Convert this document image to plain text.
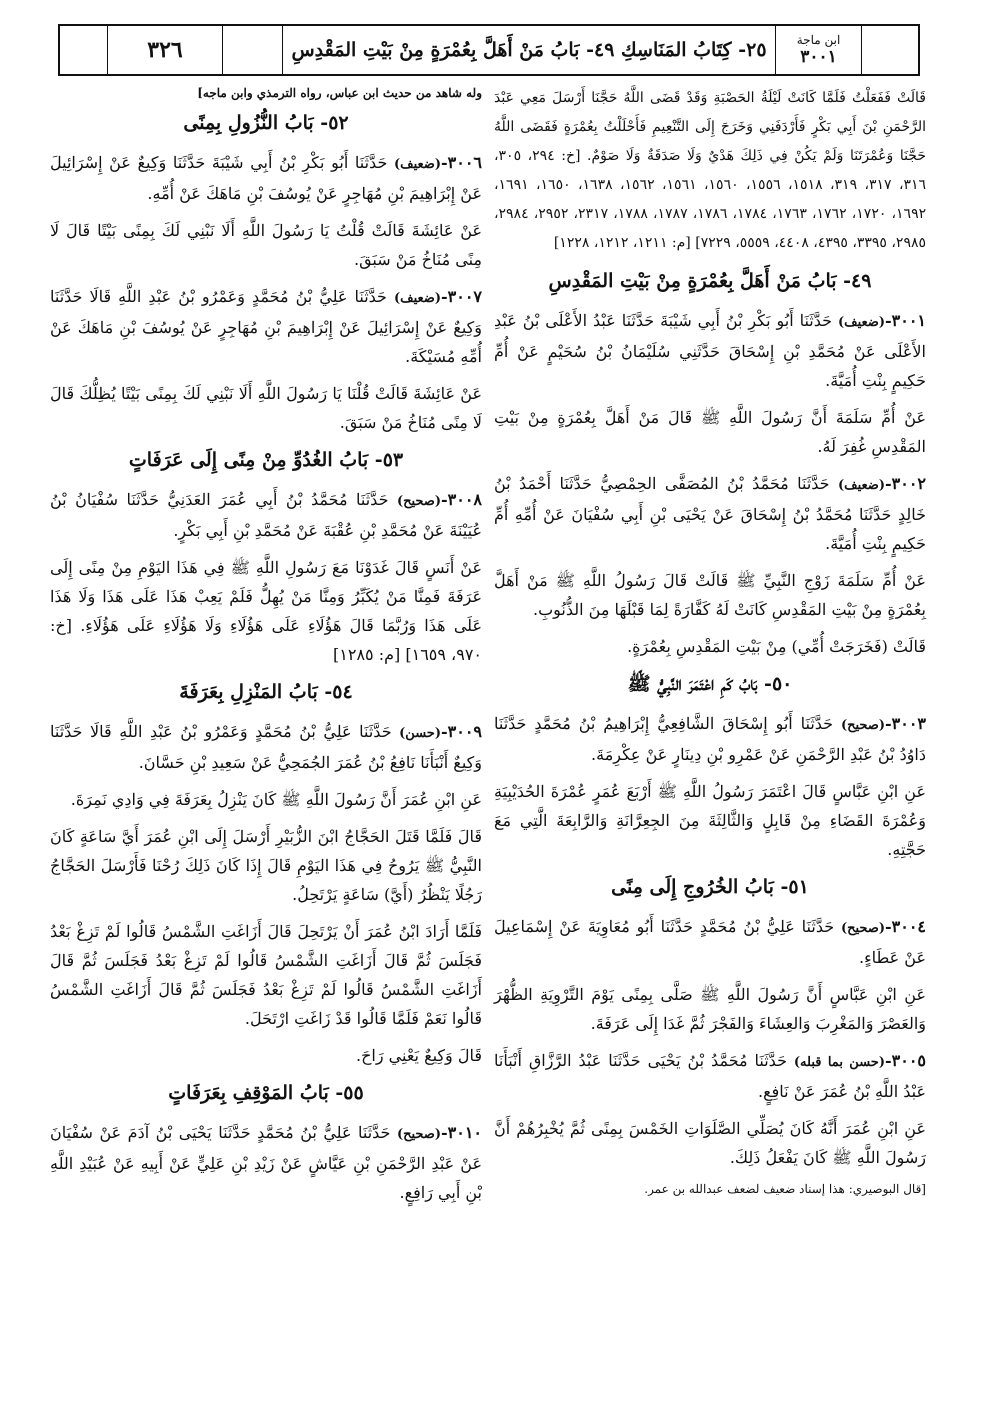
٣٢٦	٢٥- كِتَابُ المَنَاسِكِ ٤٩- بَابُ مَنْ أَهَلَّ بِعُمْرَةٍ مِنْ بَيْتِ المَقْدِسِ	ابن ماجة
٣٠٠١

قَالَتْ فَفَعَلْتُ فَلَمَّا كَانَتْ لَيْلَةُ الحَصْبَةِ وَقَدْ قَضَى اللَّهُ حَجَّنَا أَرْسَلَ مَعِي عَبْدَ الرَّحْمَنِ بْنَ أَبِي بَكْرٍ فَأَرْدَفَنِي وَخَرَجَ إِلَى التَّنْعِيمِ فَأَحْلَلْتُ بِعُمْرَةٍ فَقَضَى اللَّهُ حَجَّنَا وَعُمْرَتَنَا وَلَمْ يَكُنْ فِي ذَلِكَ هَدْيٌ وَلَا صَدَقَةٌ وَلَا صَوْمٌ. [خ: ٢٩٤، ٣٠٥، ٣١٦، ٣١٧، ٣١٩، ١٥١٨، ١٥٥٦، ١٥٦٠، ١٥٦١، ١٥٦٢، ١٦٣٨، ١٦٥٠، ١٦٩١، ١٦٩٢، ١٧٢٠، ١٧٦٢، ١٧٦٣، ١٧٨٤، ١٧٨٦، ١٧٨٧، ١٧٨٨، ٢٣١٧، ٢٩٥٢، ٢٩٨٤، ٢٩٨٥، ٣٣٩٥، ٤٣٩٥، ٤٤٠٨، ٥٥٥٩، ٧٢٢٩] [م: ١٢١١، ١٢١٢، ١٢٢٨]

٤٩- بَابُ مَنْ أَهَلَّ بِعُمْرَةٍ مِنْ بَيْتِ المَقْدِسِ

٣٠٠١-(ضعيف) حَدَّثَنَا أَبُو بَكْرِ بْنُ أَبِي شَيْبَةَ حَدَّثَنَا عَبْدُ الأَعْلَى بْنُ عَبْدِ الأَعْلَى عَنْ مُحَمَّدِ بْنِ إِسْحَاقَ حَدَّثَنِي سُلَيْمَانُ بْنُ سُحَيْمٍ عَنْ أُمِّ حَكِيمٍ بِنْتِ أُمَيَّةَ.

عَنْ أُمِّ سَلَمَةَ أَنَّ رَسُولَ اللَّهِ ﷺ قَالَ مَنْ أَهَلَّ بِعُمْرَةٍ مِنْ بَيْتِ المَقْدِسِ غُفِرَ لَهُ.

٣٠٠٢-(ضعيف) حَدَّثَنَا مُحَمَّدُ بْنُ المُصَفَّى الحِمْصِيُّ حَدَّثَنَا أَحْمَدُ بْنُ خَالِدٍ حَدَّثَنَا مُحَمَّدُ بْنُ إِسْحَاقَ عَنْ يَحْيَى بْنِ أَبِي سُفْيَانَ عَنْ أُمِّهِ أُمِّ حَكِيمٍ بِنْتِ أُمَيَّةَ.

عَنْ أُمِّ سَلَمَةَ زَوْجِ النَّبِيِّ ﷺ قَالَتْ قَالَ رَسُولُ اللَّهِ ﷺ مَنْ أَهَلَّ بِعُمْرَةٍ مِنْ بَيْتِ المَقْدِسِ كَانَتْ لَهُ كَفَّارَةً لِمَا قَبْلَهَا مِنَ الذُّنُوبِ.

قَالَتْ (فَخَرَجَتْ أُمِّي) مِنْ بَيْتِ المَقْدِسِ بِعُمْرَةٍ.

٥٠- بَابُ كَمِ اعْتَمَرَ النَّبِيُّ ﷺ

٣٠٠٣-(صحيح) حَدَّثَنَا أَبُو إِسْحَاقَ الشَّافِعِيُّ إِبْرَاهِيمُ بْنُ مُحَمَّدٍ حَدَّثَنَا دَاوُدُ بْنُ عَبْدِ الرَّحْمَنِ عَنْ عَمْرِو بْنِ دِينَارٍ عَنْ عِكْرِمَةَ.

عَنِ ابْنِ عَبَّاسٍ قَالَ اعْتَمَرَ رَسُولُ اللَّهِ ﷺ أَرْبَعَ عُمَرٍ عُمْرَةَ الحُدَيْبِيَةِ وَعُمْرَةَ القَضَاءِ مِنْ قَابِلٍ وَالثَّالِثَةَ مِنَ الجِعِرَّانَةِ وَالرَّابِعَةَ الَّتِي مَعَ حَجَّتِهِ.

٥١- بَابُ الخُرُوجِ إِلَى مِنًى

٣٠٠٤-(صحيح) حَدَّثَنَا عَلِيُّ بْنُ مُحَمَّدٍ حَدَّثَنَا أَبُو مُعَاوِيَةَ عَنْ إِسْمَاعِيلَ عَنْ عَطَاءٍ.

عَنِ ابْنِ عَبَّاسٍ أَنَّ رَسُولَ اللَّهِ ﷺ صَلَّى بِمِنًى يَوْمَ التَّرْوِيَةِ الظُّهْرَ وَالعَصْرَ وَالمَغْرِبَ وَالعِشَاءَ وَالفَجْرَ ثُمَّ غَدَا إِلَى عَرَفَةَ.

٣٠٠٥-(حسن بما قبله) حَدَّثَنَا مُحَمَّدُ بْنُ يَحْيَى حَدَّثَنَا عَبْدُ الرَّزَّاقِ أَنْبَأَنَا عَبْدُ اللَّهِ بْنُ عُمَرَ عَنْ نَافِعٍ.

عَنِ ابْنِ عُمَرَ أَنَّهُ كَانَ يُصَلِّي الصَّلَوَاتِ الخَمْسَ بِمِنًى ثُمَّ يُخْبِرُهُمْ أَنَّ رَسُولَ اللَّهِ ﷺ كَانَ يَفْعَلُ ذَلِكَ.

[قال البوصيري: هذا إسناد ضعيف لضعف عبدالله بن عمر.
وله شاهد من حديث ابن عباس، رواه الترمذي وابن ماجه]
٥٢- بَابُ النُّزُولِ بِمِنًى

٣٠٠٦-(ضعيف) حَدَّثَنَا أَبُو بَكْرِ بْنُ أَبِي شَيْبَةَ حَدَّثَنَا وَكِيعٌ عَنْ إِسْرَائِيلَ عَنْ إِبْرَاهِيمَ بْنِ مُهَاجِرٍ عَنْ يُوسُفَ بْنِ مَاهَكَ عَنْ أُمِّهِ.

عَنْ عَائِشَةَ قَالَتْ قُلْتُ يَا رَسُولَ اللَّهِ أَلَا نَبْنِي لَكَ بِمِنًى بَيْتًا قَالَ لَا مِنًى مُنَاخُ مَنْ سَبَقَ.

٣٠٠٧-(ضعيف) حَدَّثَنَا عَلِيُّ بْنُ مُحَمَّدٍ وَعَمْرُو بْنُ عَبْدِ اللَّهِ قَالَا حَدَّثَنَا وَكِيعٌ عَنْ إِسْرَائِيلَ عَنْ إِبْرَاهِيمَ بْنِ مُهَاجِرٍ عَنْ يُوسُفَ بْنِ مَاهَكَ عَنْ أُمِّهِ مُسَيْكَةَ.

عَنْ عَائِشَةَ قَالَتْ قُلْنَا يَا رَسُولَ اللَّهِ أَلَا نَبْنِي لَكَ بِمِنًى بَيْتًا يُظِلُّكَ قَالَ لَا مِنًى مُنَاخُ مَنْ سَبَقَ.

٥٣- بَابُ الغُدُوِّ مِنْ مِنًى إِلَى عَرَفَاتٍ

٣٠٠٨-(صحيح) حَدَّثَنَا مُحَمَّدُ بْنُ أَبِي عُمَرَ العَدَنِيُّ حَدَّثَنَا سُفْيَانُ بْنُ عُيَيْنَةَ عَنْ مُحَمَّدِ بْنِ عُقْبَةَ عَنْ مُحَمَّدِ بْنِ أَبِي بَكْرٍ.

عَنْ أَنَسٍ قَالَ غَدَوْنَا مَعَ رَسُولِ اللَّهِ ﷺ فِي هَذَا اليَوْمِ مِنْ مِنًى إِلَى عَرَفَةَ فَمِنَّا مَنْ يُكَبِّرُ وَمِنَّا مَنْ يُهِلُّ فَلَمْ يَعِبْ هَذَا عَلَى هَذَا وَلَا هَذَا عَلَى هَذَا وَرُبَّمَا قَالَ هَؤُلَاءِ عَلَى هَؤُلَاءِ وَلَا هَؤُلَاءِ عَلَى هَؤُلَاءِ. [خ: ٩٧٠، ١٦٥٩] [م: ١٢٨٥]

٥٤- بَابُ المَنْزِلِ بِعَرَفَةَ

٣٠٠٩-(حسن) حَدَّثَنَا عَلِيُّ بْنُ مُحَمَّدٍ وَعَمْرُو بْنُ عَبْدِ اللَّهِ قَالَا حَدَّثَنَا وَكِيعٌ أَنْبَأَنَا نَافِعُ بْنُ عُمَرَ الجُمَحِيُّ عَنْ سَعِيدِ بْنِ حَسَّانَ.

عَنِ ابْنِ عُمَرَ أَنَّ رَسُولَ اللَّهِ ﷺ كَانَ يَنْزِلُ بِعَرَفَةَ فِي وَادِي نَمِرَةَ.

قَالَ فَلَمَّا قَتَلَ الحَجَّاجُ ابْنَ الزُّبَيْرِ أَرْسَلَ إِلَى ابْنِ عُمَرَ أَيَّ سَاعَةٍ كَانَ النَّبِيُّ ﷺ يَرُوحُ فِي هَذَا اليَوْمِ قَالَ إِذَا كَانَ ذَلِكَ رُحْنَا فَأَرْسَلَ الحَجَّاجُ رَجُلًا يَنْظُرُ (أَيَّ) سَاعَةٍ يَرْتَحِلُ.

فَلَمَّا أَرَادَ ابْنُ عُمَرَ أَنْ يَرْتَحِلَ قَالَ أَزَاغَتِ الشَّمْسُ قَالُوا لَمْ تَزِغْ بَعْدُ فَجَلَسَ ثُمَّ قَالَ أَزَاغَتِ الشَّمْسُ قَالُوا لَمْ تَزِغْ بَعْدُ فَجَلَسَ ثُمَّ قَالَ أَزَاغَتِ الشَّمْسُ قَالُوا لَمْ تَزِغْ بَعْدُ فَجَلَسَ ثُمَّ قَالَ أَزَاغَتِ الشَّمْسُ قَالُوا نَعَمْ فَلَمَّا قَالُوا قَدْ زَاغَتِ ارْتَحَلَ.

قَالَ وَكِيعٌ يَعْنِي رَاحَ.

٥٥- بَابُ المَوْقِفِ بِعَرَفَاتٍ

٣٠١٠-(صحيح) حَدَّثَنَا عَلِيُّ بْنُ مُحَمَّدٍ حَدَّثَنَا يَحْيَى بْنُ آدَمَ عَنْ سُفْيَانَ عَنْ عَبْدِ الرَّحْمَنِ بْنِ عَيَّاشٍ عَنْ زَيْدِ بْنِ عَلِيٍّ عَنْ أَبِيهِ عَنْ عُبَيْدِ اللَّهِ بْنِ أَبِي رَافِعٍ.
